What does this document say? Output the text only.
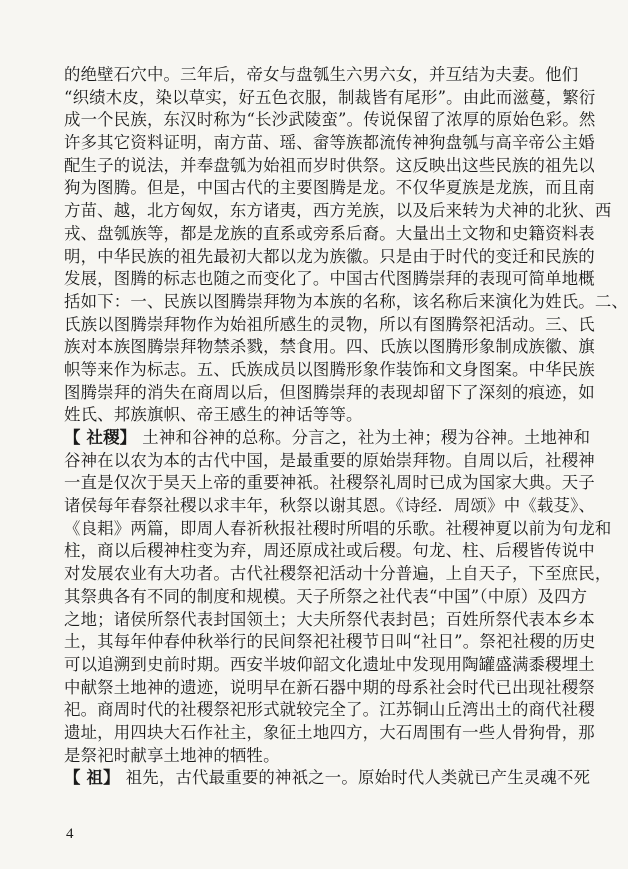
的绝壁石穴中。三年后，帝女与盘瓠生六男六女，并互结为夫妻。他们
“织绩木皮，染以草实，好五色衣服，制裁皆有尾形”。由此而滋蔓，繁衍
成一个民族，东汉时称为“长沙武陵蛮”。传说保留了浓厚的原始色彩。然
许多其它资料证明，南方苗、瑶、畲等族都流传神狗盘瓠与高辛帝公主婚
配生子的说法，并奉盘瓠为始祖而岁时供祭。这反映出这些民族的祖先以
狗为图腾。但是，中国古代的主要图腾是龙。不仅华夏族是龙族，而且南
方苗、越，北方匈奴，东方诸夷，西方羌族，以及后来转为犬神的北狄、西
戎、盘瓠族等，都是龙族的直系或旁系后裔。大量出土文物和史籍资料表
明，中华民族的祖先最初大都以龙为族徽。只是由于时代的变迁和民族的
发展，图腾的标志也随之而变化了。中国古代图腾崇拜的表现可简单地概
括如下：一、民族以图腾崇拜物为本族的名称，该名称后来演化为姓氏。二、
氏族以图腾崇拜物作为始祖所感生的灵物，所以有图腾祭祀活动。三、氏
族对本族图腾崇拜物禁杀戮，禁食用。四、氏族以图腾形象制成族徽、旗
帜等来作为标志。五、氏族成员以图腾形象作装饰和文身图案。中华民族
图腾崇拜的消失在商周以后，但图腾崇拜的表现却留下了深刻的痕迹，如
姓氏、邦族旗帜、帝王感生的神话等等。
【 社稷】 土神和谷神的总称。分言之，社为土神；稷为谷神。土地神和
谷神在以农为本的古代中国，是最重要的原始崇拜物。自周以后，社稷神
一直是仅次于昊天上帝的重要神祇。社稷祭礼周时已成为国家大典。天子
诸侯每年春祭社稷以求丰年，秋祭以谢其恩。《诗经．周颂》中《载芟》、
《良耜》两篇，即周人春祈秋报社稷时所唱的乐歌。社稷神夏以前为句龙和
柱，商以后稷神柱变为弃，周还原成社或后稷。句龙、柱、后稷皆传说中
对发展农业有大功者。古代社稷祭祀活动十分普遍，上自天子，下至庶民，
其祭典各有不同的制度和规模。天子所祭之社代表“中国”（中原）及四方
之地；诸侯所祭代表封国领土；大夫所祭代表封邑；百姓所祭代表本乡本
土，其每年仲春仲秋举行的民间祭祀社稷节日叫“社日”。祭祀社稷的历史
可以追溯到史前时期。西安半坡仰韶文化遗址中发现用陶罐盛满黍稷埋土
中献祭土地神的遗迹，说明早在新石器中期的母系社会时代已出现社稷祭
祀。商周时代的社稷祭祀形式就较完全了。江苏铜山丘湾出土的商代社稷
遗址，用四块大石作社主，象征土地四方，大石周围有一些人骨狗骨，那
是祭祀时献享土地神的牺牲。
【 祖】 祖先，古代最重要的神祇之一。原始时代人类就已产生灵魂不死
4
